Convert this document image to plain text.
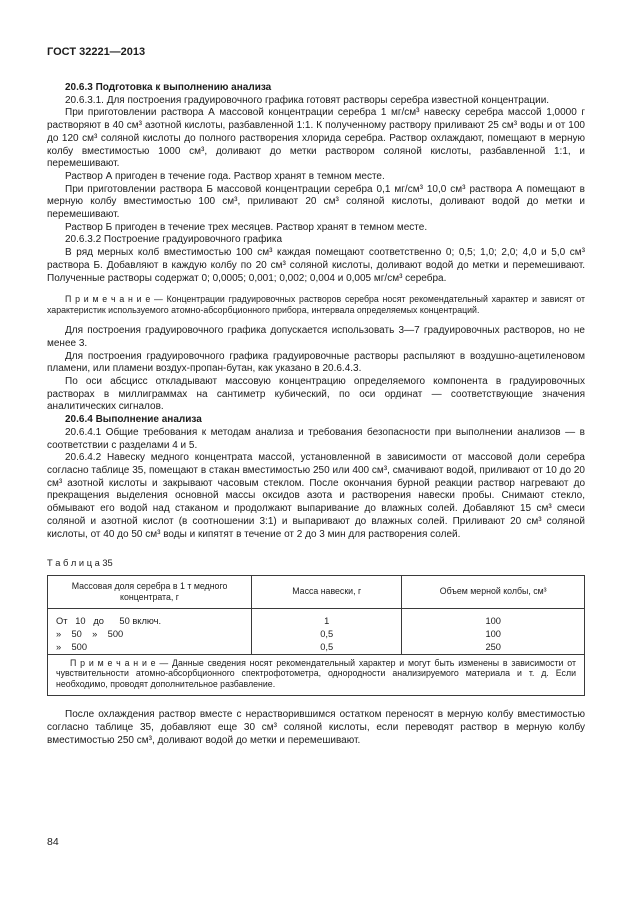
ГОСТ 32221—2013

20.6.3 Подготовка к выполнению анализа

20.6.3.1. Для построения градуировочного графика готовят растворы серебра известной концентрации.

При приготовлении раствора А массовой концентрации серебра 1 мг/см³ навеску серебра массой 1,0000 г растворяют в 40 см³ азотной кислоты, разбавленной 1:1. К полученному раствору приливают 25 см³ воды и от 100 до 120 см³ соляной кислоты до полного растворения хлорида серебра. Раствор охлаждают, помещают в мерную колбу вместимостью 1000 см³, доливают до метки раствором соляной кислоты, разбавленной 1:1, и перемешивают.

Раствор А пригоден в течение года. Раствор хранят в темном месте.

При приготовлении раствора Б массовой концентрации серебра 0,1 мг/см³ 10,0 см³ раствора А помещают в мерную колбу вместимостью 100 см³, приливают 20 см³ соляной кислоты, доливают водой до метки и перемешивают.

Раствор Б пригоден в течение трех месяцев. Раствор хранят в темном месте.

20.6.3.2 Построение градуировочного графика

В ряд мерных колб вместимостью 100 см³ каждая помещают соответственно 0; 0,5; 1,0; 2,0; 4,0 и 5,0 см³ раствора Б. Добавляют в каждую колбу по 20 см³ соляной кислоты, доливают водой до метки и перемешивают. Полученные растворы содержат 0; 0,0005; 0,001; 0,002; 0,004 и 0,005 мг/см³ серебра.

П р и м е ч а н и е — Концентрации градуировочных растворов серебра носят рекомендательный характер и зависят от характеристик используемого атомно-абсорбционного прибора, интервала определяемых концентраций.

Для построения градуировочного графика допускается использовать 3—7 градуировочных растворов, но не менее 3.

Для построения градуировочного графика градуировочные растворы распыляют в воздушно-ацетиленовом пламени, или пламени воздух-пропан-бутан, как указано в 20.6.4.3.

По оси абсцисс откладывают массовую концентрацию определяемого компонента в градуировочных растворах в миллиграммах на сантиметр кубический, по оси ординат — соответствующие значения аналитических сигналов.

20.6.4 Выполнение анализа

20.6.4.1 Общие требования к методам анализа и требования безопасности при выполнении анализов — в соответствии с разделами 4 и 5.

20.6.4.2 Навеску медного концентрата массой, установленной в зависимости от массовой доли серебра согласно таблице 35, помещают в стакан вместимостью 250 или 400 см³, смачивают водой, приливают от 10 до 20 см³ азотной кислоты и закрывают часовым стеклом. После окончания бурной реакции раствор нагревают до прекращения выделения основной массы оксидов азота и растворения навески пробы. Снимают стекло, обмывают его водой над стаканом и продолжают выпаривание до влажных солей. Добавляют 15 см³ смеси соляной и азотной кислот (в соотношении 3:1) и выпаривают до влажных солей. Приливают 20 см³ соляной кислоты, от 40 до 50 см³ воды и кипятят в течение от 2 до 3 мин для растворения солей.

Т а б л и ц а 35
Массовая доля серебра в 1 т медного концентрата, г	Масса навески, г	Объем мерной колбы, см³
От   10   до      50 включ.	1	100
»    50    »    500	0,5	100
»    500	0,5	250
П р и м е ч а н и е — Данные сведения носят рекомендательный характер и могут быть изменены в зависимости от чувствительности атомно-абсорбционного спектрофотометра, однородности анализируемого материала и т. д. Если необходимо, проводят дополнительное разбавление.		

После охлаждения раствор вместе с нерастворившимся остатком переносят в мерную колбу вместимостью согласно таблице 35, добавляют еще 30 см³ соляной кислоты, если переводят раствор в мерную колбу вместимостью 250 см³, доливают водой до метки и перемешивают.

84
